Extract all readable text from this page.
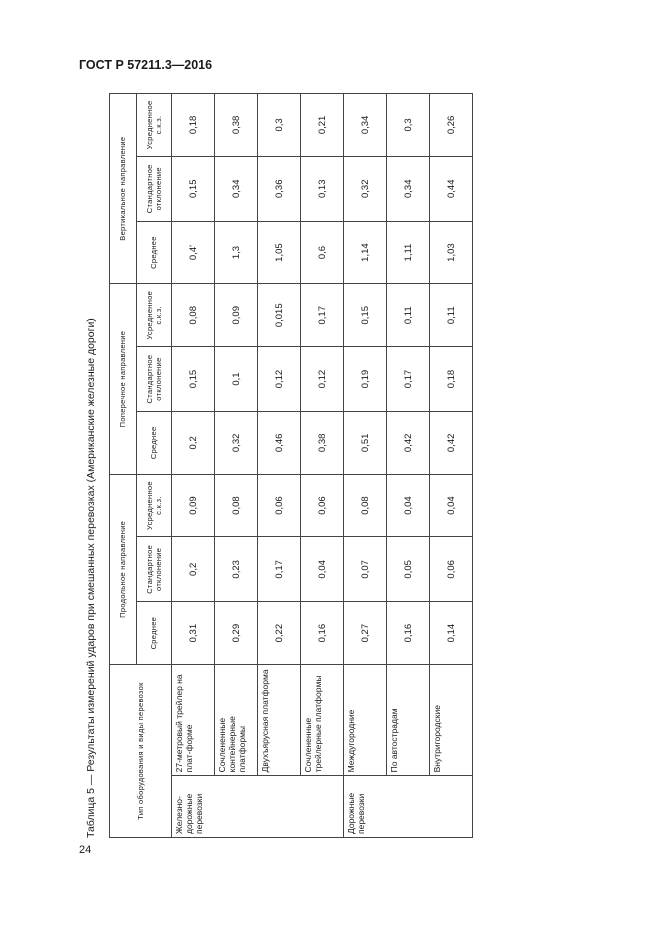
ГОСТ Р 57211.3—2016
24
Таблица 5 — Результаты измерений ударов при смешанных перевозках (Американские железные дороги)	Тип оборудования и виды перевозок		Продольное направление			Поперечное направление			Вертикальное направление		
		Среднее	Стандартное отклонение	Усредненное с.к.з.	Среднее	Стандартное отклонение	Усредненное с.к.з.	Среднее	Стандартное отклонение	Усредненное с.к.з.
Железно-дорожные перевозки	27-метровый трейлер на плат-форме	0,31	0,2	0,09	0,2	0,15	0,08	0,4'	0,15	0,18
	Сочлененные контейнерные платформы	0,29	0,23	0,08	0,32	0,1	0,09	1,3	0,34	0,38
	Двухъярусная платформа	0,22	0,17	0,06	0,46	0,12	0,015	1,05	0,36	0,3
	Сочлененные трейлерные платформы	0,16	0,04	0,06	0,38	0,12	0,17	0,6	0,13	0,21
Дорожные перевозки	Междугородние	0,27	0,07	0,08	0,51	0,19	0,15	1,14	0,32	0,34
	По автострадам	0,16	0,05	0,04	0,42	0,17	0,11	1,11	0,34	0,3
	Внутригородские	0,14	0,06	0,04	0,42	0,18	0,11	1,03	0,44	0,26
